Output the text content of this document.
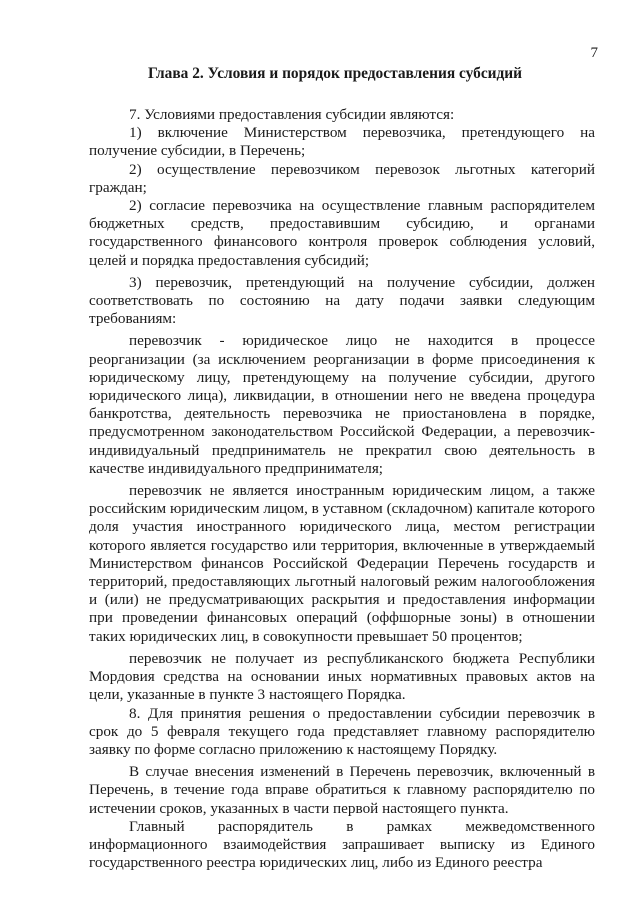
7
Глава 2. Условия и порядок предоставления субсидий

7. Условиями предоставления субсидии являются:

1) включение Министерством перевозчика, претендующего на получение субсидии, в Перечень;

2) осуществление перевозчиком перевозок льготных категорий граждан;

2) согласие перевозчика на осуществление главным распорядителем бюджетных средств, предоставившим субсидию, и органами государственного финансового контроля проверок соблюдения условий, целей и порядка предоставления субсидий;

3) перевозчик, претендующий на получение субсидии, должен соответствовать по состоянию на дату подачи заявки следующим требованиям:

перевозчик - юридическое лицо не находится в процессе реорганизации (за исключением реорганизации в форме присоединения к юридическому лицу, претендующему на получение субсидии, другого юридического лица), ликвидации, в отношении него не введена процедура банкротства, деятельность перевозчика не приостановлена в порядке, предусмотренном законодательством Российской Федерации, а перевозчик-индивидуальный предприниматель не прекратил свою деятельность в качестве индивидуального предпринимателя;

перевозчик не является иностранным юридическим лицом, а также российским юридическим лицом, в уставном (складочном) капитале которого доля участия иностранного юридического лица, местом регистрации которого является государство или территория, включенные в утверждаемый Министерством финансов Российской Федерации Перечень государств и территорий, предоставляющих льготный налоговый режим налогообложения и (или) не предусматривающих раскрытия и предоставления информации при проведении финансовых операций (оффшорные зоны) в отношении таких юридических лиц, в совокупности превышает 50 процентов;

перевозчик не получает из республиканского бюджета Республики Мордовия средства на основании иных нормативных правовых актов на цели, указанные в пункте 3 настоящего Порядка.

8. Для принятия решения о предоставлении субсидии перевозчик в срок до 5 февраля текущего года представляет главному распорядителю заявку по форме согласно приложению к настоящему Порядку.

В случае внесения изменений в Перечень перевозчик, включенный в Перечень, в течение года вправе обратиться к главному распорядителю по истечении сроков, указанных в части первой настоящего пункта.

Главный распорядитель в рамках межведомственного информационного взаимодействия запрашивает выписку из Единого государственного реестра юридических лиц, либо из Единого реестра
